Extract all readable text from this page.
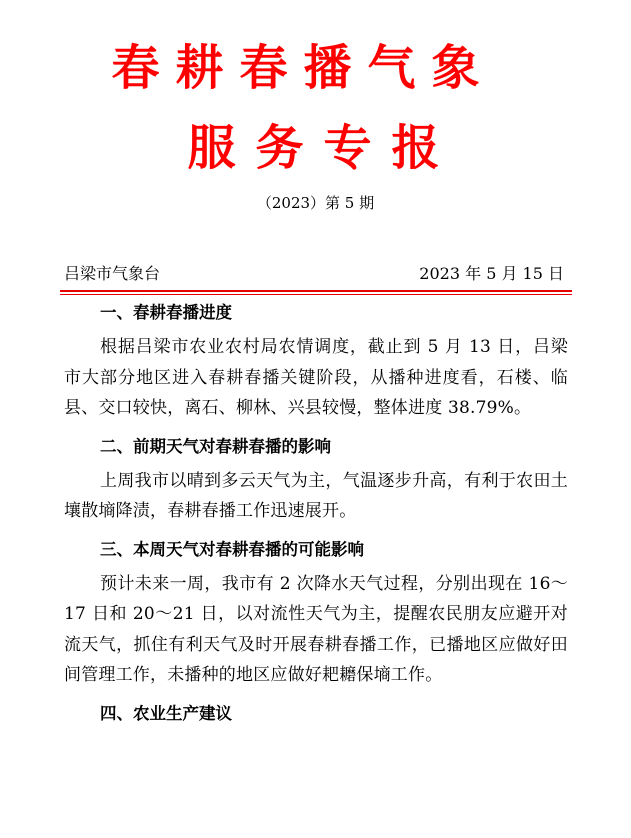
春耕春播气象
服务专报
（2023）第 5 期
吕梁市气象台	2023 年 5 月 15 日
一、春耕春播进度

根据吕梁市农业农村局农情调度，截止到 5 月 13 日，吕梁市大部分地区进入春耕春播关键阶段，从播种进度看，石楼、临县、交口较快，离石、柳林、兴县较慢，整体进度 38.79%。

二、前期天气对春耕春播的影响

上周我市以晴到多云天气为主，气温逐步升高，有利于农田土壤散墒降渍，春耕春播工作迅速展开。

三、本周天气对春耕春播的可能影响

预计未来一周，我市有 2 次降水天气过程，分别出现在 16～17 日和 20～21 日，以对流性天气为主，提醒农民朋友应避开对流天气，抓住有利天气及时开展春耕春播工作，已播地区应做好田间管理工作，未播种的地区应做好耙耱保墒工作。

四、农业生产建议
